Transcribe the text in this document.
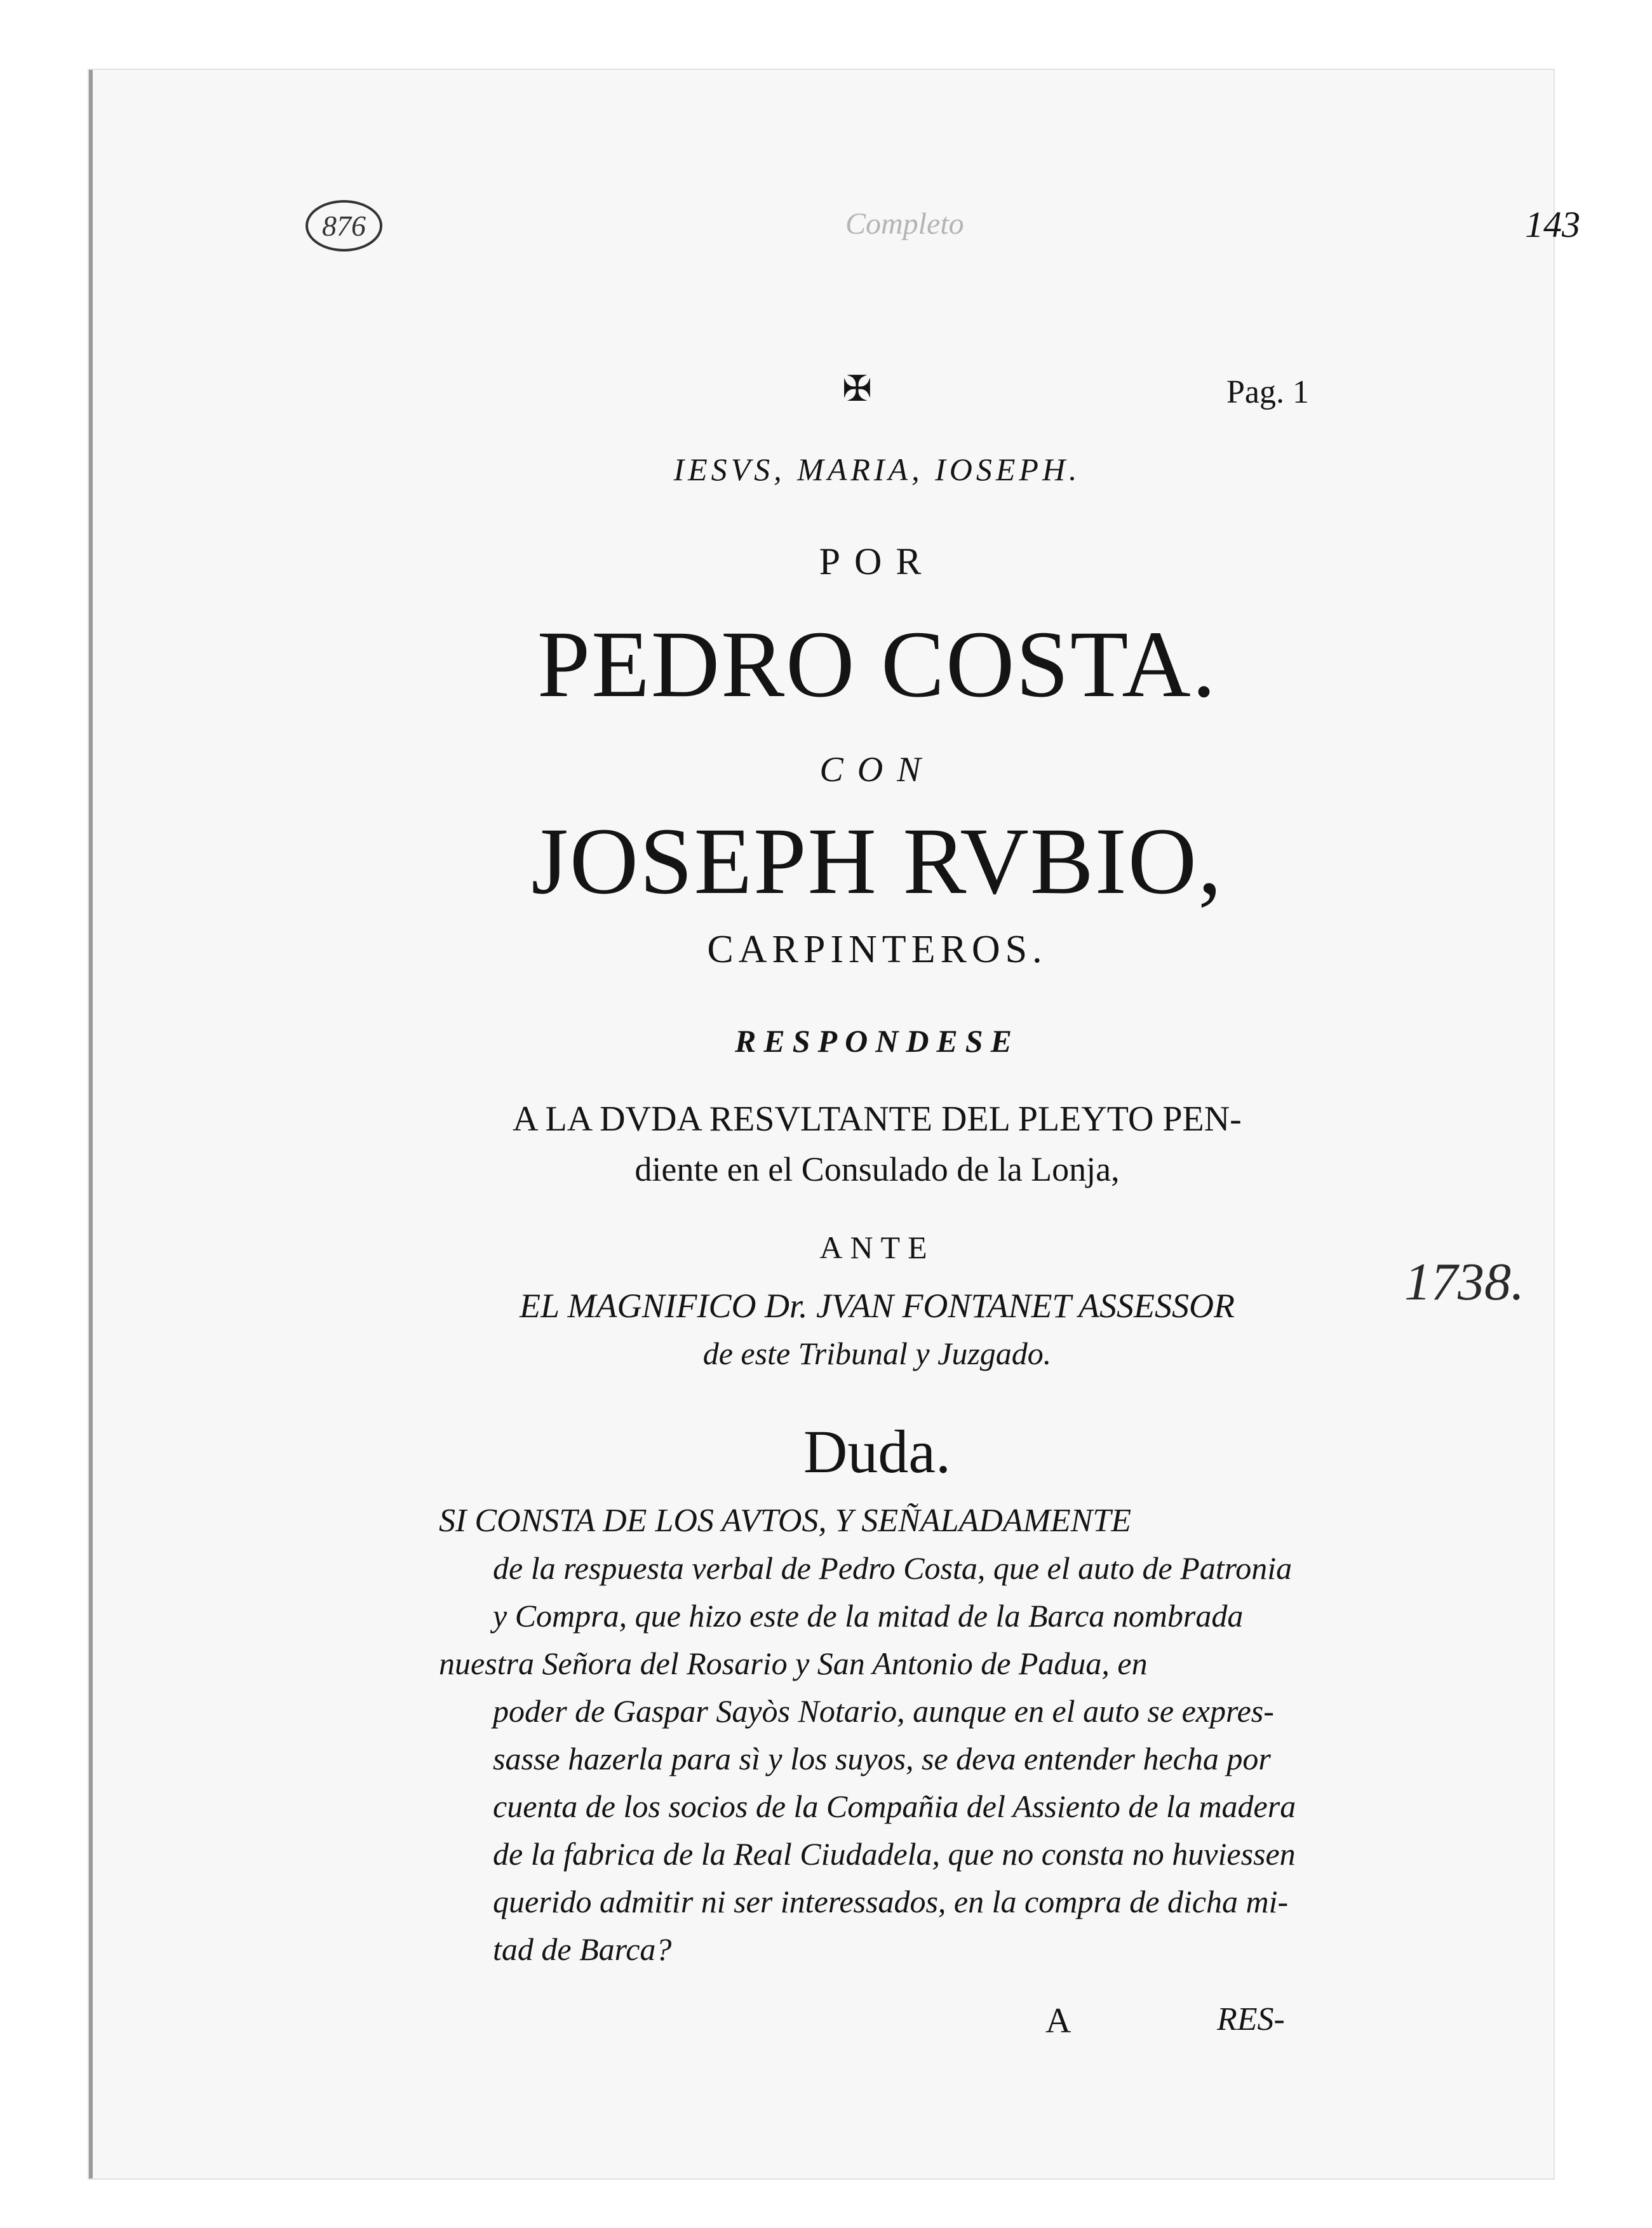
876	Completo	143
✠	Pag. 1
1738.
IESVS, MARIA, IOSEPH.
POR
PEDRO COSTA.
CON
JOSEPH RVBIO,
CARPINTEROS.
RESPONDESE
A LA DVDA RESVLTANTE DEL PLEYTO PEN-
diente en el Consulado de la Lonja,
ANTE
EL MAGNIFICO Dr. JVAN FONTANET ASSESSOR
de este Tribunal y Juzgado.
Duda.
SI CONSTA DE LOS AVTOS, Y SEÑALADAMENTE
de la respuesta verbal de Pedro Costa, que el auto de Patronia
y Compra, que hizo este de la mitad de la Barca nombrada
nuestra Señora del Rosario y San Antonio de Padua, en
poder de Gaspar Sayòs Notario, aunque en el auto se expres-
sasse hazerla para sì y los suyos, se deva entender hecha por
cuenta de los socios de la Compañia del Assiento de la madera
de la fabrica de la Real Ciudadela, que no consta no huviessen
querido admitir ni ser interessados, en la compra de dicha mi-
tad de Barca?
A	RES-
